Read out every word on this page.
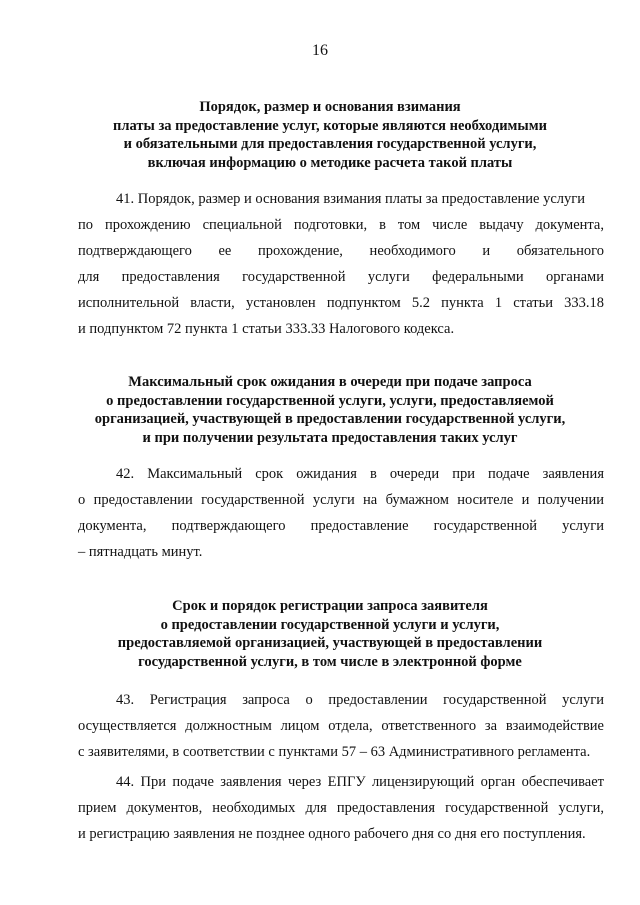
16
Порядок, размер и основания взимания
платы за предоставление услуг, которые являются необходимыми
и обязательными для предоставления государственной услуги,
включая информацию о методике расчета такой платы
41. Порядок, размер и основания взимания платы за предоставление услуги
по прохождению специальной подготовки, в том числе выдачу документа,
подтверждающего ее прохождение, необходимого и обязательного
для предоставления государственной услуги федеральными органами
исполнительной власти, установлен подпунктом 5.2 пункта 1 статьи 333.18
и подпунктом 72 пункта 1 статьи 333.33 Налогового кодекса.
Максимальный срок ожидания в очереди при подаче запроса
о предоставлении государственной услуги, услуги, предоставляемой
организацией, участвующей в предоставлении государственной услуги,
и при получении результата предоставления таких услуг
42. Максимальный срок ожидания в очереди при подаче заявления
о предоставлении государственной услуги на бумажном носителе и получении
документа, подтверждающего предоставление государственной услуги
– пятнадцать минут.
Срок и порядок регистрации запроса заявителя
о предоставлении государственной услуги и услуги,
предоставляемой организацией, участвующей в предоставлении
государственной услуги, в том числе в электронной форме
43. Регистрация запроса о предоставлении государственной услуги
осуществляется должностным лицом отдела, ответственного за взаимодействие
с заявителями, в соответствии с пунктами 57 – 63 Административного регламента.
44. При подаче заявления через ЕПГУ лицензирующий орган обеспечивает
прием документов, необходимых для предоставления государственной услуги,
и регистрацию заявления не позднее одного рабочего дня со дня его поступления.
